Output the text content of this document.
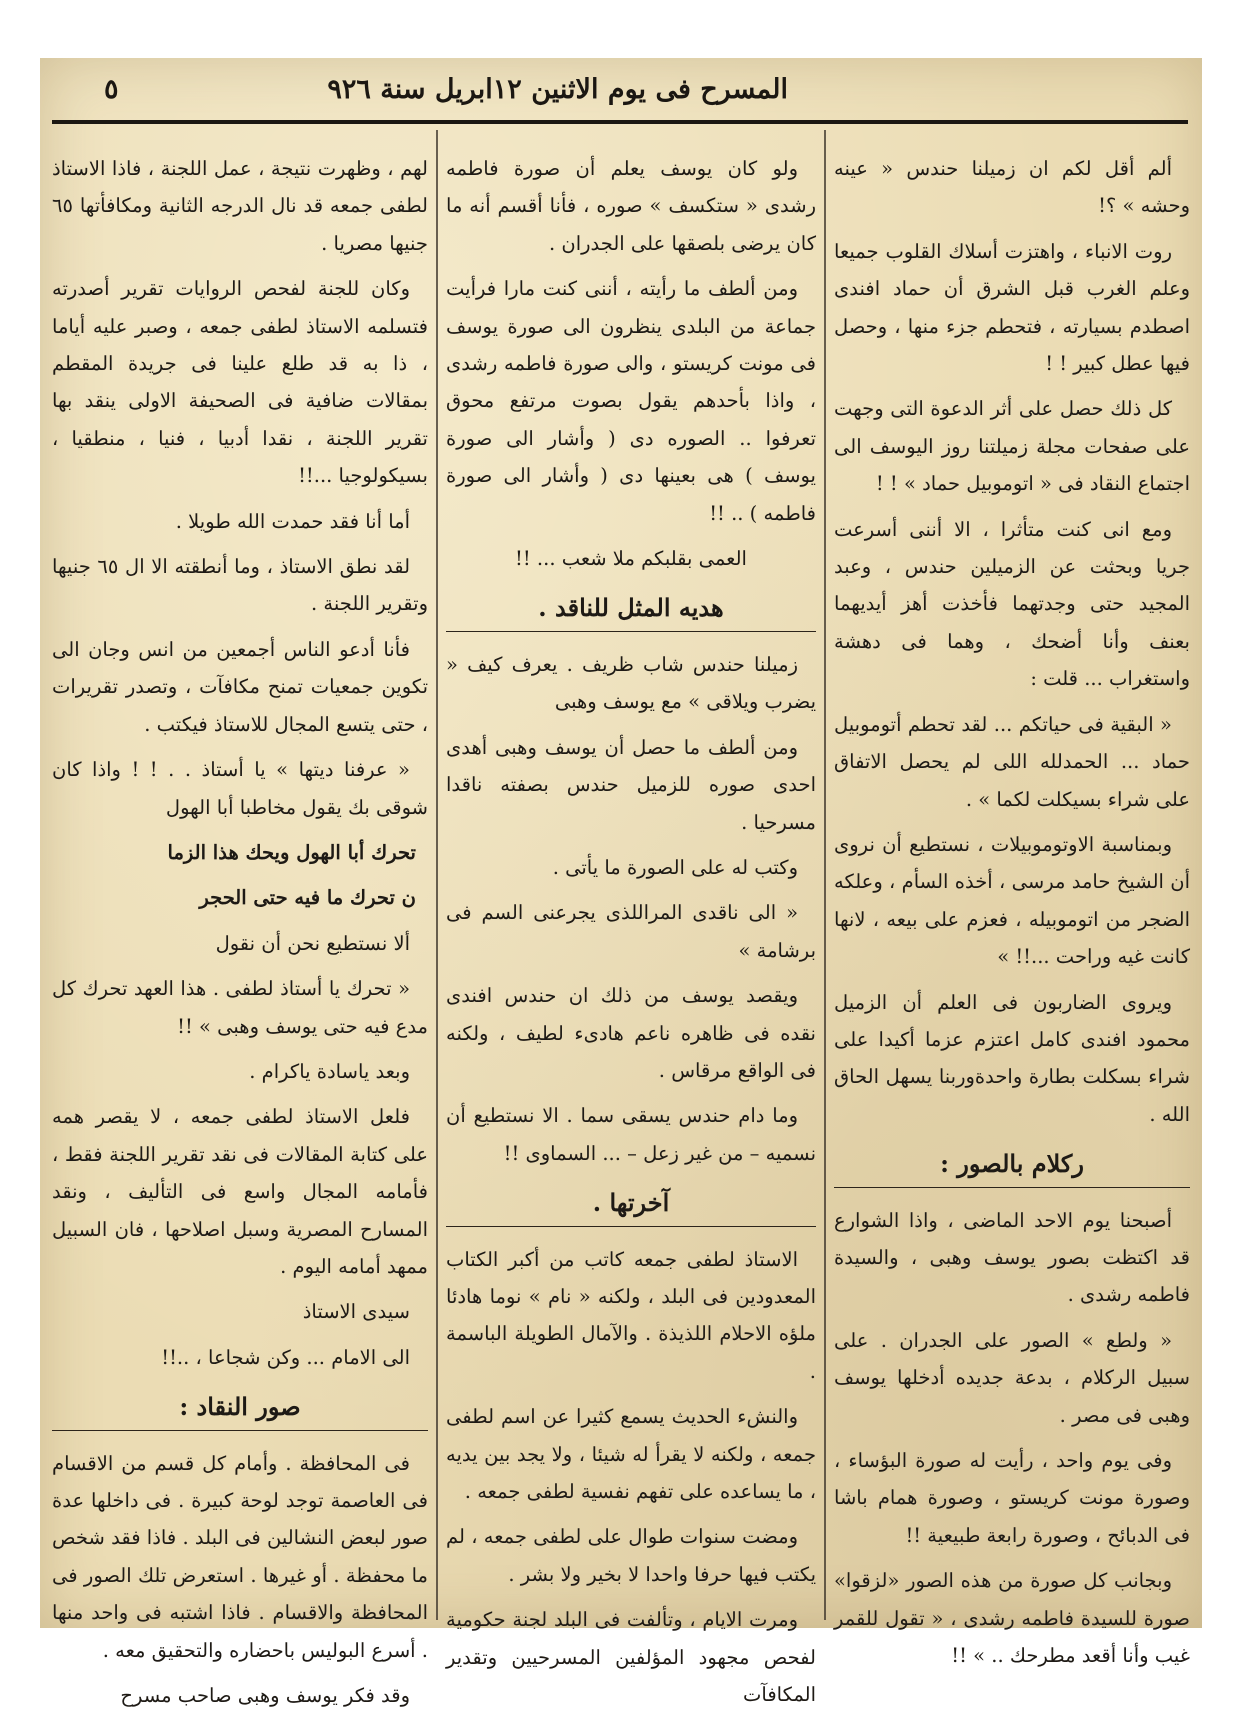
المسرح فى يوم الاثنين ١٢ابريل سنة ٩٢٦
٥

ألم أقل لكم ان زميلنا حندس « عينه وحشه » ؟!

روت الانباء ، واهتزت أسلاك القلوب جميعا وعلم الغرب قبل الشرق أن حماد افندى اصطدم بسيارته ، فتحطم جزء منها ، وحصل فيها عطل كبير ! !

كل ذلك حصل على أثر الدعوة التى وجهت على صفحات مجلة زميلتنا روز اليوسف الى اجتماع النقاد فى « اتوموبيل حماد » ! !

ومع انى كنت متأثرا ، الا أننى أسرعت جريا وبحثت عن الزميلين حندس ، وعبد المجيد حتى وجدتهما فأخذت أهز أيديهما بعنف وأنا أضحك ، وهما فى دهشة واستغراب ... قلت :

« البقية فى حياتكم ... لقد تحطم أتوموبيل حماد ... الحمدلله اللى لم يحصل الاتفاق على شراء بسيكلت لكما » .

وبمناسبة الاوتوموبيلات ، نستطيع أن نروى أن الشيخ حامد مرسى ، أخذه السأم ، وعلكه الضجر من اتوموبيله ، فعزم على بيعه ، لانها كانت غيه وراحت ...!! »

ويروى الضاربون فى العلم أن الزميل محمود افندى كامل اعتزم عزما أكيدا على شراء بسكلت بطارة واحدةوربنا يسهل الحاق الله .

ركلام بالصور :

أصبحنا يوم الاحد الماضى ، واذا الشوارع قد اكتظت بصور يوسف وهبى ، والسيدة فاطمه رشدى .

« ولطع » الصور على الجدران . على سبيل الركلام ، بدعة جديده أدخلها يوسف وهبى فى مصر .

وفى يوم واحد ، رأيت له صورة البؤساء ، وصورة مونت كريستو ، وصورة همام باشا فى الدبائح ، وصورة رابعة طبيعية !!

وبجانب كل صورة من هذه الصور «لزقوا» صورة للسيدة فاطمه رشدى ، « تقول للقمر غيب وأنا أقعد مطرحك .. » !!

ولو كان يوسف يعلم أن صورة فاطمه رشدى « ستكسف » صوره ، فأنا أقسم أنه ما كان يرضى بلصقها على الجدران .

ومن ألطف ما رأيته ، أننى كنت مارا فرأيت جماعة من البلدى ينظرون الى صورة يوسف فى مونت كريستو ، والى صورة فاطمه رشدى ، واذا بأحدهم يقول بصوت مرتفع محوق تعرفوا .. الصوره دى ( وأشار الى صورة يوسف ) هى بعينها دى ( وأشار الى صورة فاطمه ) .. !!

العمى بقلبكم ملا شعب ... !!

هديه المثل للناقد .

زميلنا حندس شاب ظريف . يعرف كيف « يضرب ويلاقى » مع يوسف وهبى

ومن ألطف ما حصل أن يوسف وهبى أهدى احدى صوره للزميل حندس بصفته ناقدا مسرحيا .

وكتب له على الصورة ما يأتى .

« الى ناقدى المراللذى يجرعنى السم فى برشامة »

ويقصد يوسف من ذلك ان حندس افندى نقده فى ظاهره ناعم هادىء لطيف ، ولكنه فى الواقع مرقاس .

وما دام حندس يسقى سما . الا نستطيع أن نسميه – من غير زعل – ... السماوى !!

آخرتها .

الاستاذ لطفى جمعه كاتب من أكبر الكتاب المعدودين فى البلد ، ولكنه « نام » نوما هادئا ملؤه الاحلام اللذيذة . والآمال الطويلة الباسمة .

والنشء الحديث يسمع كثيرا عن اسم لطفى جمعه ، ولكنه لا يقرأ له شيئا ، ولا يجد بين يديه ، ما يساعده على تفهم نفسية لطفى جمعه .

ومضت سنوات طوال على لطفى جمعه ، لم يكتب فيها حرفا واحدا لا بخير ولا بشر .

ومرت الايام ، وتألفت فى البلد لجنة حكومية لفحص مجهود المؤلفين المسرحيين وتقدير المكافآت

لهم ، وظهرت نتيجة ، عمل اللجنة ، فاذا الاستاذ لطفى جمعه قد نال الدرجه الثانية ومكافأتها ٦٥ جنيها مصريا .

وكان للجنة لفحص الروايات تقرير أصدرته فتسلمه الاستاذ لطفى جمعه ، وصبر عليه أياما ، ذا به قد طلع علينا فى جريدة المقطم بمقالات ضافية فى الصحيفة الاولى ينقد بها تقرير اللجنة ، نقدا أدبيا ، فنيا ، منطقيا ، بسيكولوجيا ...!!

أما أنا فقد حمدت الله طويلا .

لقد نطق الاستاذ ، وما أنطقته الا ال ٦٥ جنيها وتقرير اللجنة .

فأنا أدعو الناس أجمعين من انس وجان الى تكوين جمعيات تمنح مكافآت ، وتصدر تقريرات ، حتى يتسع المجال للاستاذ فيكتب .

« عرفنا ديتها » يا أستاذ . . ! ! واذا كان شوقى بك يقول مخاطبا أبا الهول

تحرك أبا الهول ويحك هذا الزما

ن تحرك ما فيه حتى الحجر

ألا نستطيع نحن أن نقول

« تحرك يا أستاذ لطفى . هذا العهد تحرك كل مدع فيه حتى يوسف وهبى » !!

وبعد ياسادة ياكرام .

فلعل الاستاذ لطفى جمعه ، لا يقصر همه على كتابة المقالات فى نقد تقرير اللجنة فقط ، فأمامه المجال واسع فى التأليف ، ونقد المسارح المصرية وسبل اصلاحها ، فان السبيل ممهد أمامه اليوم .

سيدى الاستاذ

الى الامام ... وكن شجاعا ، ..!!

صور النقاد :

فى المحافظة . وأمام كل قسم من الاقسام فى العاصمة توجد لوحة كبيرة . فى داخلها عدة صور لبعض النشالين فى البلد . فاذا فقد شخص ما محفظة . أو غيرها . استعرض تلك الصور فى المحافظة والاقسام . فاذا اشتبه فى واحد منها . أسرع البوليس باحضاره والتحقيق معه .

وقد فكر يوسف وهبى صاحب مسرح
